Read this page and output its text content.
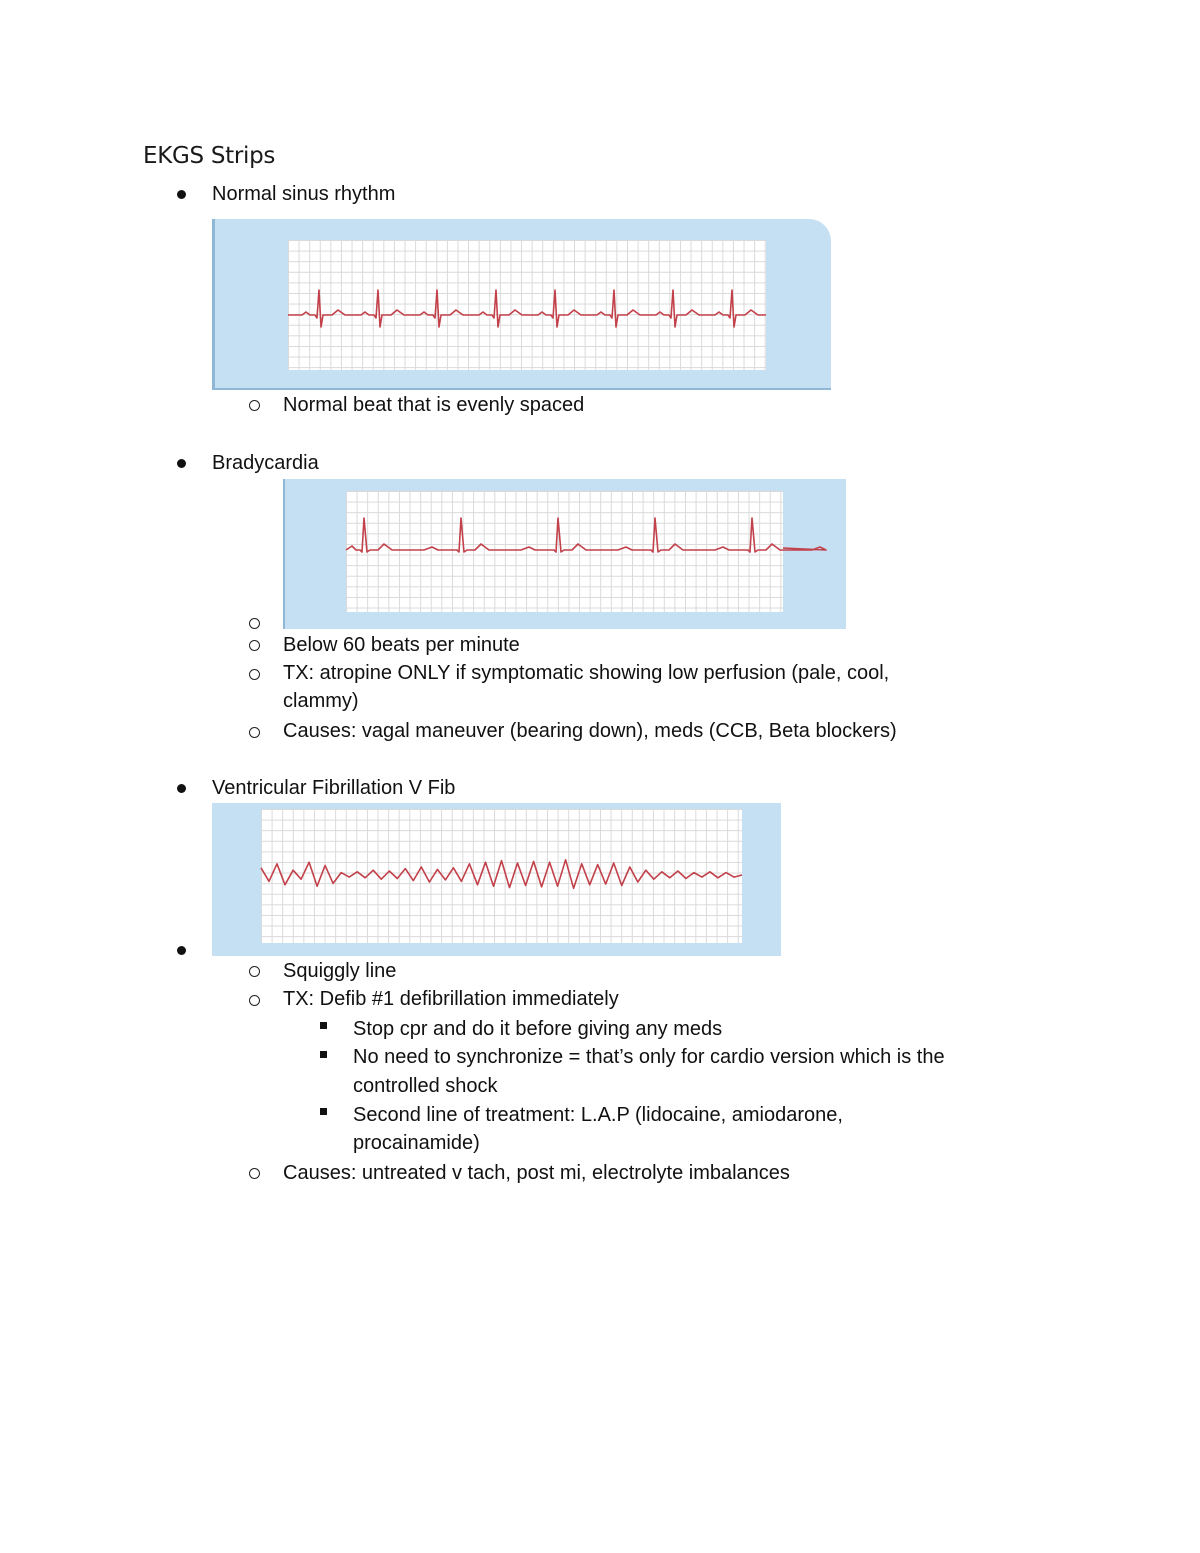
EKGS Strips
Normal sinus rhythm
Normal beat that is evenly spaced
Bradycardia
Below 60 beats per minute
TX: atropine ONLY if symptomatic showing low perfusion (pale, cool,
clammy)
Causes: vagal maneuver (bearing down), meds (CCB, Beta blockers)
Ventricular Fibrillation V Fib
Squiggly line
TX: Defib #1 defibrillation immediately
Stop cpr and do it before giving any meds
No need to synchronize = that’s only for cardio version which is the
controlled shock
Second line of treatment: L.A.P (lidocaine, amiodarone,
procainamide)
Causes: untreated v tach, post mi, electrolyte imbalances
